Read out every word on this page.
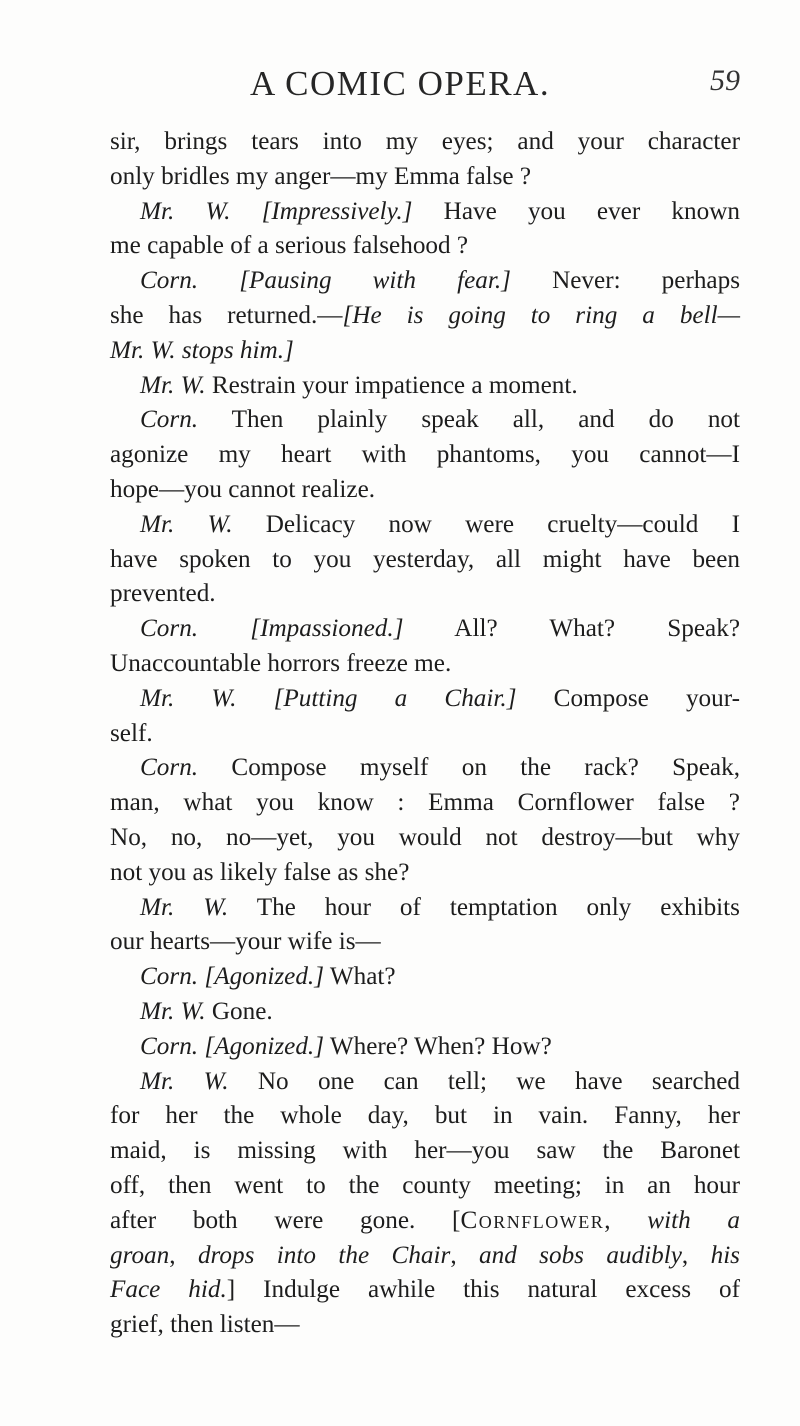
A COMIC OPERA.	59
sir, brings tears into my eyes; and your character
only bridles my anger—my Emma false ?
Mr. W. [Impressively.] Have you ever known
me capable of a serious falsehood ?
Corn. [Pausing with fear.] Never: perhaps
she has returned.—[He is going to ring a bell—
Mr. W. stops him.]
Mr. W. Restrain your impatience a moment.
Corn. Then plainly speak all, and do not
agonize my heart with phantoms, you cannot—I
hope—you cannot realize.
Mr. W. Delicacy now were cruelty—could I
have spoken to you yesterday, all might have been
prevented.
Corn. [Impassioned.] All? What? Speak?
Unaccountable horrors freeze me.
Mr. W. [Putting a Chair.] Compose your-
self.
Corn. Compose myself on the rack? Speak,
man, what you know : Emma Cornflower false ?
No, no, no—yet, you would not destroy—but why
not you as likely false as she?
Mr. W. The hour of temptation only exhibits
our hearts—your wife is—
Corn. [Agonized.] What?
Mr. W. Gone.
Corn. [Agonized.] Where? When? How?
Mr. W. No one can tell; we have searched
for her the whole day, but in vain. Fanny, her
maid, is missing with her—you saw the Baronet
off, then went to the county meeting; in an hour
after both were gone. [Cornflower, with a
groan, drops into the Chair, and sobs audibly, his
Face hid.] Indulge awhile this natural excess of
grief, then listen—
